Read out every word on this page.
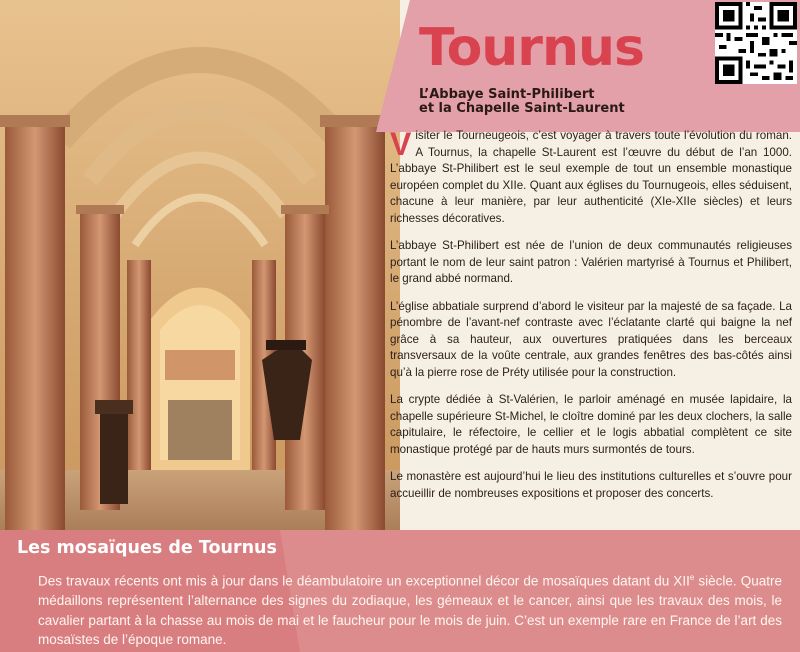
Tournus
L’Abbaye Saint-Philibert
et la Chapelle Saint-Laurent

Visiter le Tourneugeois, c’est voyager à travers toute l’évolution du roman. A Tournus, la chapelle St-Laurent est l’œuvre du début de l’an 1000. L’abbaye St-Philibert est le seul exemple de tout un ensemble monastique européen complet du XIIe. Quant aux églises du Tournugeois, elles séduisent, chacune à leur manière, par leur authenticité (XIe-XIIe siècles) et leurs richesses décoratives.

L’abbaye St-Philibert est née de l’union de deux communautés religieuses portant le nom de leur saint patron : Valérien martyrisé à Tournus et Philibert, le grand abbé normand.

L’église abbatiale surprend d’abord le visiteur par la majesté de sa façade. La pénombre de l’avant-nef contraste avec l’éclatante clarté qui baigne la nef grâce à sa hauteur, aux ouvertures pratiquées dans les berceaux transversaux de la voûte centrale, aux grandes fenêtres des bas-côtés ainsi qu’à la pierre rose de Préty utilisée pour la construction.

La crypte dédiée à St-Valérien, le parloir aménagé en musée lapidaire, la chapelle supérieure St-Michel, le cloître dominé par les deux clochers, la salle capitulaire, le réfectoire, le cellier et le logis abbatial complètent ce site monastique protégé par de hauts murs surmontés de tours.

Le monastère est aujourd’hui le lieu des institutions culturelles et s’ouvre pour accueillir de nombreuses expositions et proposer des concerts.

Les mosaïques de Tournus

Des travaux récents ont mis à jour dans le déambulatoire un exceptionnel décor de mosaïques datant du XIIe siècle. Quatre médaillons représentent l’alternance des signes du zodiaque, les gémeaux et le cancer, ainsi que les travaux des mois, le cavalier partant à la chasse au mois de mai et le faucheur pour le mois de juin. C’est un exemple rare en France de l’art des mosaïstes de l’époque romane.
